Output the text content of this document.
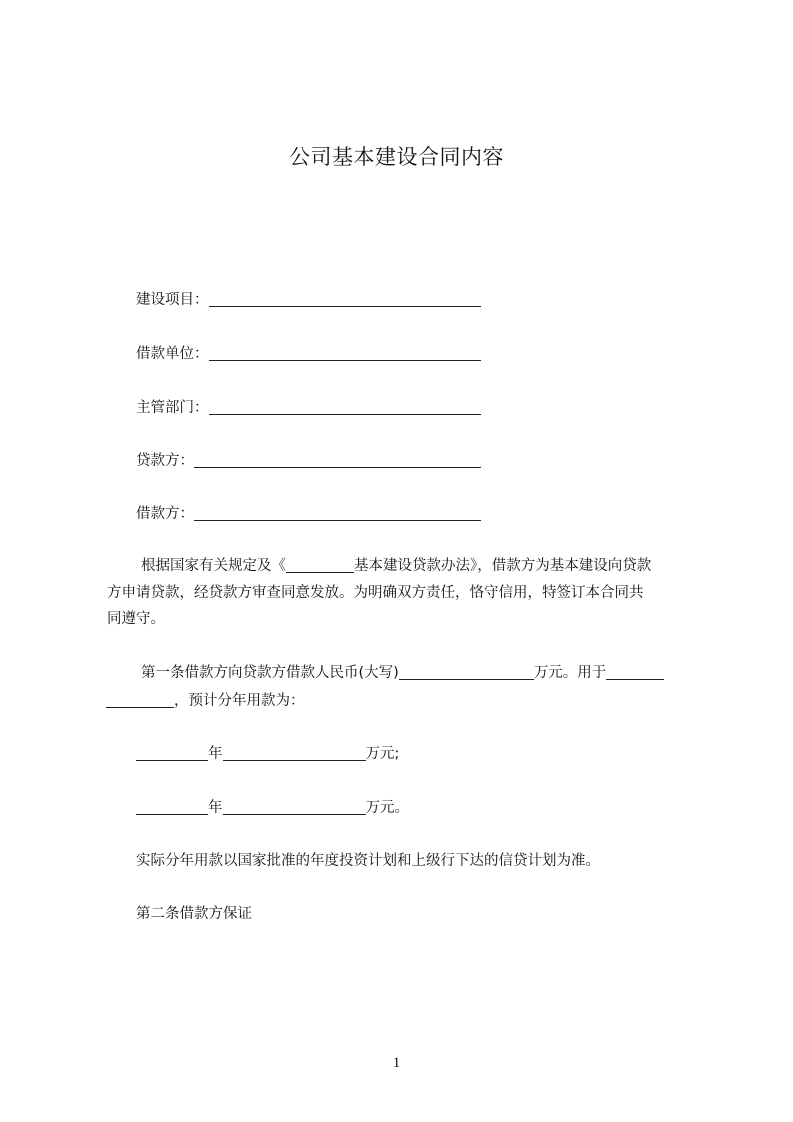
公司基本建设合同内容
建设项目：
借款单位：
主管部门：
贷款方：
借款方：
根据国家有关规定及《	基本建设贷款办法》，借款方为基本建设向贷款
方申请贷款，经贷款方审查同意发放。为明确双方责任，恪守信用，特签订本合同共
同遵守。
第一条借款方向贷款方借款人民币(大写)	万元。用于
，预计分年用款为：
年	万元;
年	万元。
实际分年用款以国家批准的年度投资计划和上级行下达的信贷计划为准。
第二条借款方保证
1
